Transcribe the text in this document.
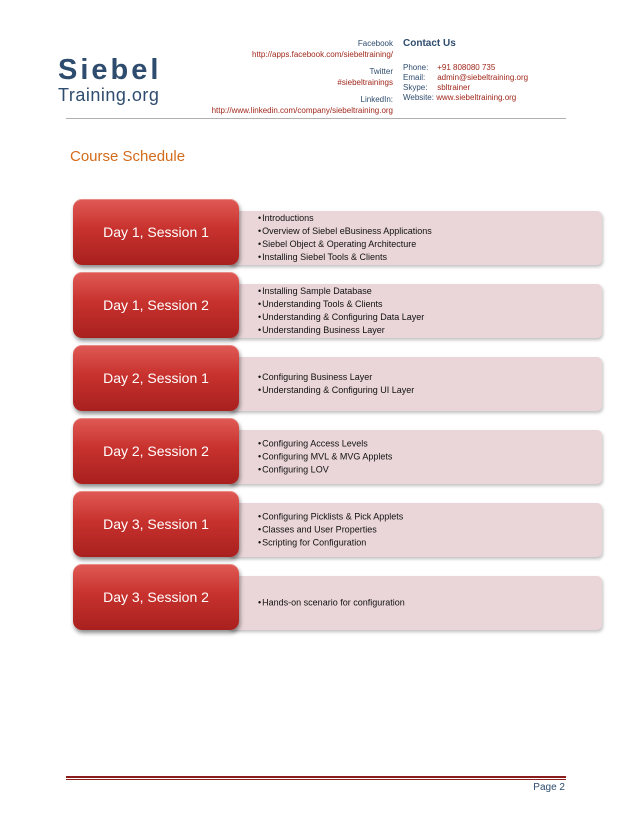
Siebel
Training.org
Facebook
http://apps.facebook.com/siebeltraining/
Twitter
#siebeltrainings
LinkedIn:
http://www.linkedin.com/company/siebeltraining.org
Contact Us
Phone: +91 808080 735
Email: admin@siebeltraining.org
Skype: sbltrainer
Website: www.siebeltraining.org
Course Schedule
• Introductions
• Overview of Siebel eBusiness Applications
• Siebel Object & Operating Architecture
• Installing Siebel Tools & Clients
Day 1, Session 1
• Installing Sample Database
• Understanding Tools & Clients
• Understanding & Configuring Data Layer
• Understanding Business Layer
Day 1, Session 2
• Configuring Business Layer
• Understanding & Configuring UI Layer
Day 2, Session 1
• Configuring Access Levels
• Configuring MVL & MVG Applets
• Configuring LOV
Day 2, Session 2
• Configuring Picklists & Pick Applets
• Classes and User Properties
• Scripting for Configuration
Day 3, Session 1
• Hands-on scenario for configuration
Day 3, Session 2
Page 2
